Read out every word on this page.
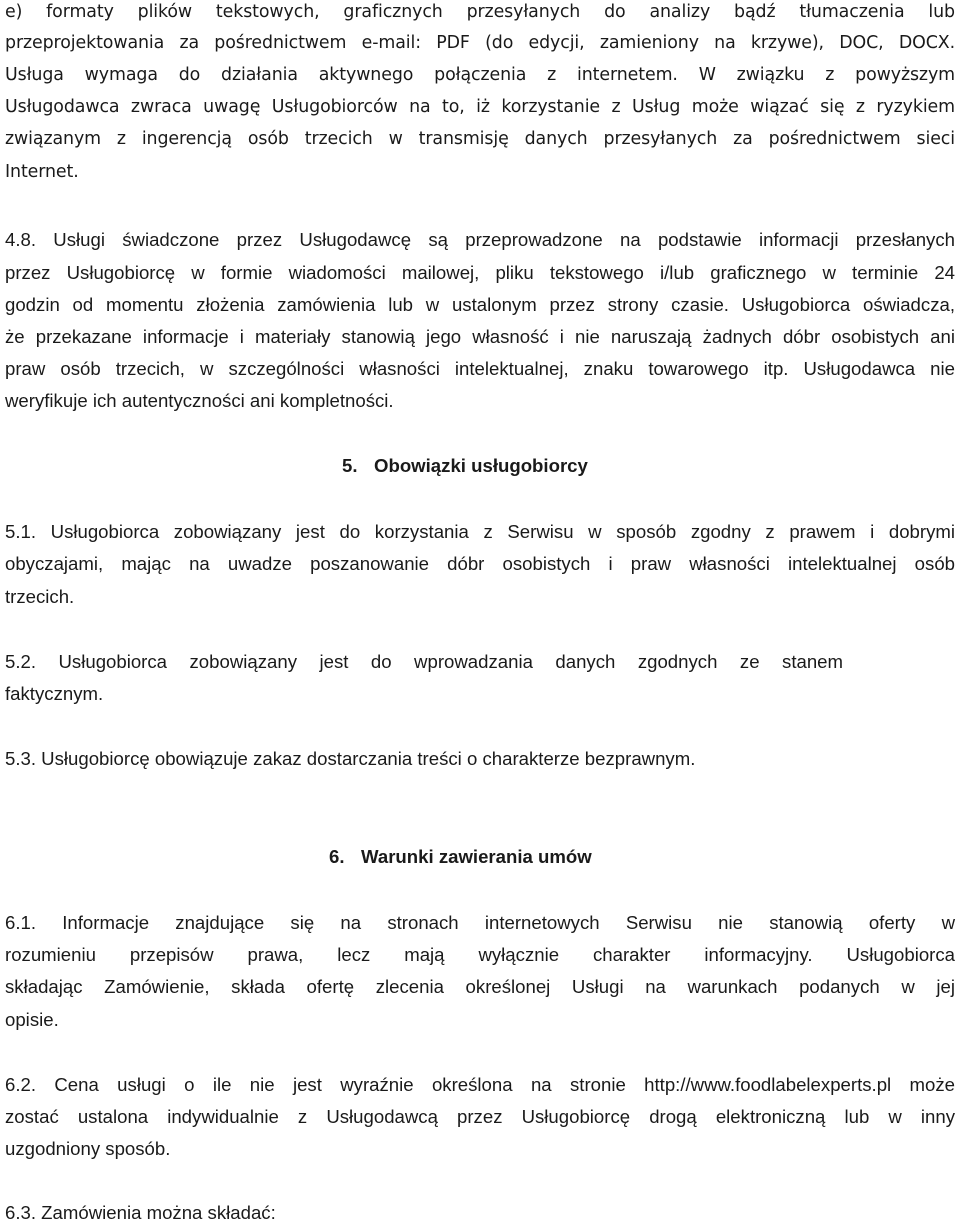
e) formaty plików tekstowych, graficznych przesyłanych do analizy bądź tłumaczenia lub

przeprojektowania za pośrednictwem e-mail: PDF (do edycji, zamieniony na krzywe), DOC, DOCX.

Usługa wymaga do działania aktywnego połączenia z internetem. W związku z powyższym

Usługodawca zwraca uwagę Usługobiorców na to, iż korzystanie z Usług może wiązać się z ryzykiem

związanym z ingerencją osób trzecich w transmisję danych przesyłanych za pośrednictwem sieci

Internet.

4.8. Usługi świadczone przez Usługodawcę są przeprowadzone na podstawie informacji przesłanych

przez Usługobiorcę w formie wiadomości mailowej, pliku tekstowego i/lub graficznego w terminie 24

godzin od momentu złożenia zamówienia lub w ustalonym przez strony czasie. Usługobiorca oświadcza,

że przekazane informacje i materiały stanowią jego własność i nie naruszają żadnych dóbr osobistych ani

praw osób trzecich, w szczególności własności intelektualnej, znaku towarowego itp. Usługodawca nie

weryfikuje ich autentyczności ani kompletności.

5. Obowiązki usługobiorcy

5.1. Usługobiorca zobowiązany jest do korzystania z Serwisu w sposób zgodny z prawem i dobrymi

obyczajami, mając na uwadze poszanowanie dóbr osobistych i praw własności intelektualnej osób

trzecich.

5.2. Usługobiorca zobowiązany jest do wprowadzania danych zgodnych ze stanem

faktycznym.

5.3. Usługobiorcę obowiązuje zakaz dostarczania treści o charakterze bezprawnym.

6. Warunki zawierania umów

6.1. Informacje znajdujące się na stronach internetowych Serwisu nie stanowią oferty w

rozumieniu przepisów prawa, lecz mają wyłącznie charakter informacyjny. Usługobiorca

składając Zamówienie, składa ofertę zlecenia określonej Usługi na warunkach podanych w jej

opisie.

6.2. Cena usługi o ile nie jest wyraźnie określona na stronie http://www.foodlabelexperts.pl może

zostać ustalona indywidualnie z Usługodawcą przez Usługobiorcę drogą elektroniczną lub w inny

uzgodniony sposób.

6.3. Zamówienia można składać:
